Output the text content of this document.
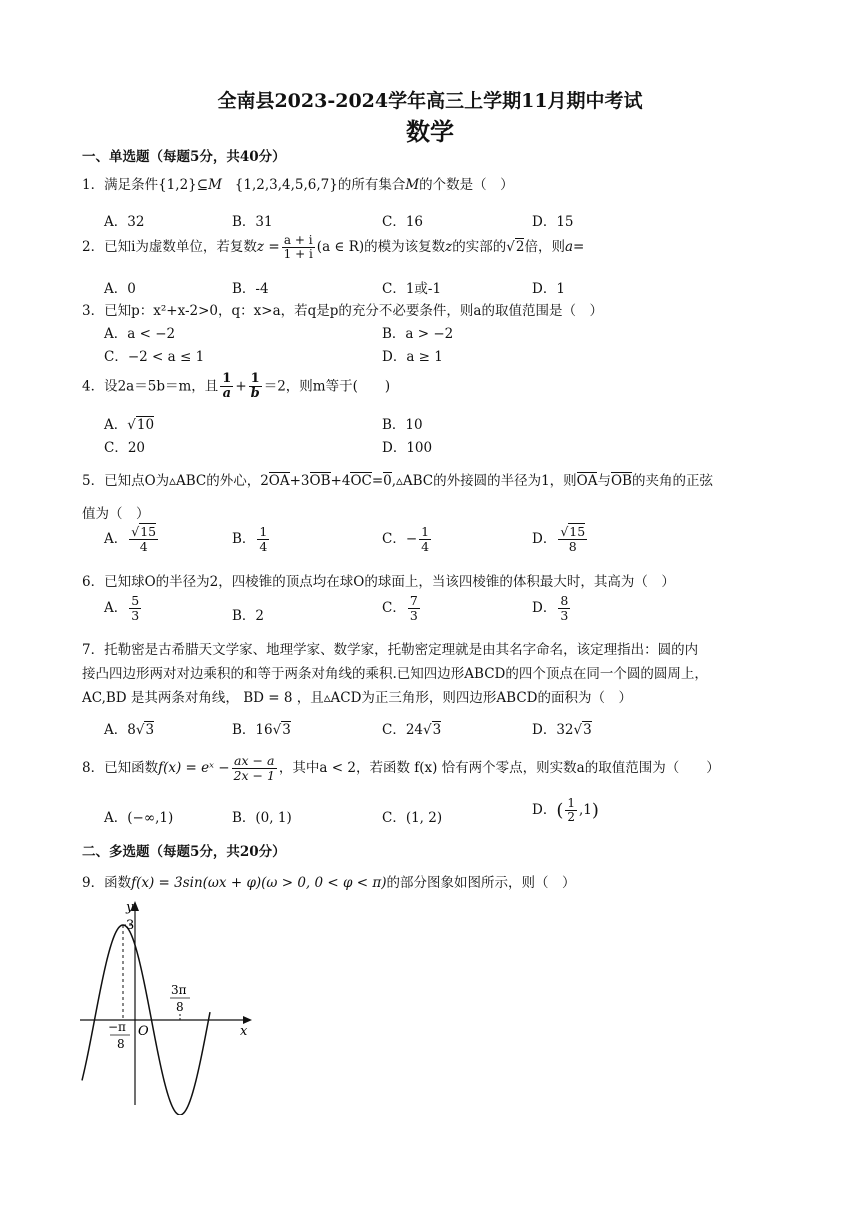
全南县2023-2024学年高三上学期11月期中考试
数学
一、单选题（每题5分，共40分）
1．满足条件{1,2}⊆M {1,2,3,4,5,6,7}的所有集合M的个数是（　）
A．32	B．31	C．16	D．15
2．已知i为虚数单位，若复数$z = \frac{a + i}{1 + i} (a$ ∈ R)的模为该复数z的实部的√2倍，则a=
A．0	B．-4	C．1或-1	D．1
3．已知p：x²+x-2>0，q：x>a，若q是p的充分不必要条件，则a的取值范围是（　）
A．a < −2	B．a > −2
C．−2 < a ≤ 1	D．a ≥ 1
4．设2a＝5b＝m，且 $\frac{1}{a} + \frac{1}{b} =2$，则m等于(　　)
A．√10	B．10
C．20	D．100
5．已知点O为▵ABC的外心，2OA+3OB+4OC=0,▵ABC的外接圆的半径为1，则OA与OB的夹角的正弦
值为（　）
A． $\frac{√15}{4}$	B． $\frac{1}{4}$	C．− $\frac{1}{4}$	D． $\frac{√15}{8}$
6．已知球O的半径为2，四棱锥的顶点均在球O的球面上，当该四棱锥的体积最大时，其高为（　）
A． $\frac{5}{3}$	B．2
C． $\frac{7}{3}$	D． $\frac{8}{3}$
7．托勒密是古希腊天文学家、地理学家、数学家，托勒密定理就是由其名字命名，该定理指出：圆的内
接凸四边形两对对边乘积的和等于两条对角线的乘积.已知四边形ABCD的四个顶点在同一个圆的圆周上，
AC,BD 是其两条对角线， BD = 8 ，且▵ACD为正三角形，则四边形ABCD的面积为（　）
A．8√3	B．16√3	C．24√3	D．32√3
8．已知函数f(x) = eˣ − $\frac{ax - a}{2x - 1}$ ，其中a < 2，若函数 f(x) 恰有两个零点，则实数a的取值范围为（　　）
A．(−∞,1)	B．(0, 1)	C．(1, 2)	D．( $\frac{1}{2} ,1$)
二、多选题（每题5分，共20分）
9．函数f(x) = 3sin(ωx + φ)(ω > 0, 0 < φ < π)的部分图象如图所示，则（　）
y
x
O
3
−π
8
3π
8
